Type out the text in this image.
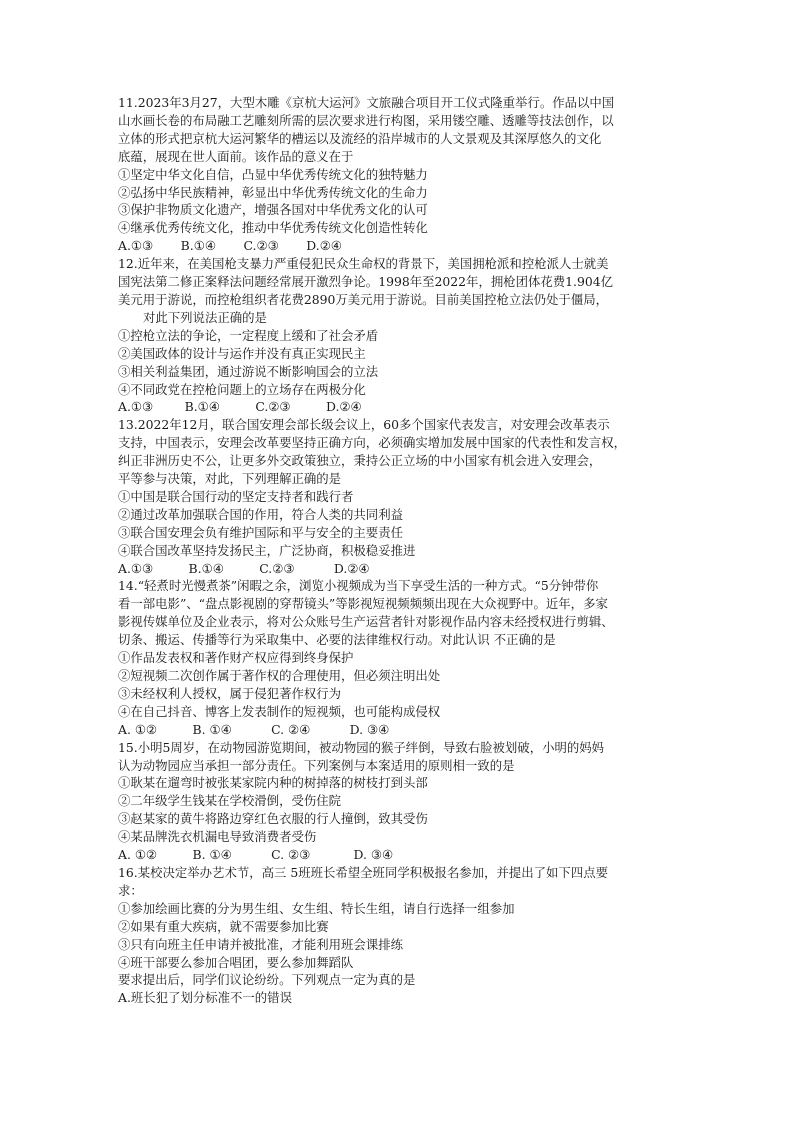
11.2023年3月27，大型木雕《京杭大运河》文旅融合项目开工仪式隆重举行。作品以中国
山水画长卷的布局融工艺雕刻所需的层次要求进行构图，采用镂空雕、透雕等技法创作，以
立体的形式把京杭大运河繁华的槽运以及流经的沿岸城市的人文景观及其深厚悠久的文化
底蕴，展现在世人面前。该作品的意义在于
①坚定中华文化自信，凸显中华优秀传统文化的独特魅力
②弘扬中华民族精神，彰显出中华优秀传统文化的生命力
③保护非物质文化遗产，增强各国对中华优秀文化的认可
④继承优秀传统文化，推动中华优秀传统文化创造性转化
A.①③       B.①④       C.②③       D.②④
12.近年来，在美国枪支暴力严重侵犯民众生命权的背景下，美国拥枪派和控枪派人士就美
国宪法第二修正案释法问题经常展开激烈争论。1998年至2022年，拥枪团体花费1.904亿
美元用于游说，而控枪组织者花费2890万美元用于游说。目前美国控枪立法仍处于僵局，
对此下列说法正确的是
①控枪立法的争论，一定程度上缓和了社会矛盾
②美国政体的设计与运作并没有真正实现民主
③相关利益集团，通过游说不断影响国会的立法
④不同政党在控枪问题上的立场存在两极分化
A.①③        B.①④         C.②③         D.②④
13.2022年12月，联合国安理会部长级会议上，60多个国家代表发言，对安理会改革表示
支持，中国表示，安理会改革要坚持正确方向，必须确实增加发展中国家的代表性和发言权，
纠正非洲历史不公，让更多外交政策独立，秉持公正立场的中小国家有机会进入安理会，
平等参与决策，对此，下列理解正确的是
①中国是联合国行动的坚定支持者和践行者
②通过改革加强联合国的作用，符合人类的共同利益
③联合国安理会负有维护国际和平与安全的主要责任
④联合国改革坚持发扬民主，广泛协商，积极稳妥推进
A.①③         B.①④         C.②③          D.②④
14.“轻煮时光慢煮茶”闲暇之余，浏览小视频成为当下享受生活的一种方式。“5分钟带你
看一部电影”、“盘点影视剧的穿帮镜头”等影视短视频频频出现在大众视野中。近年，多家
影视传媒单位及企业表示，将对公众账号生产运营者针对影视作品内容未经授权进行剪辑、
切条、搬运、传播等行为采取集中、必要的法律维权行动。对此认识 不正确的是
①作品发表权和著作财产权应得到终身保护
②短视频二次创作属于著作权的合理使用，但必须注明出处
③未经权利人授权，属于侵犯著作权行为
④在自己抖音、博客上发表制作的短视频，也可能构成侵权
A. ①②         B. ①④          C. ②④          D. ③④
15.小明5周岁，在动物园游览期间，被动物园的猴子绊倒，导致右脸被划破，小明的妈妈
认为动物园应当承担一部分责任。下列案例与本案适用的原则相一致的是
①耿某在遛弯时被张某家院内种的树掉落的树枝打到头部
②二年级学生钱某在学校滑倒，受伤住院
③赵某家的黄牛将路边穿红色衣服的行人撞倒，致其受伤
④某品牌洗衣机漏电导致消费者受伤
A. ①②         B. ①④          C. ②③           D. ③④
16.某校决定举办艺术节，高三 5班班长希望全班同学积极报名参加，并提出了如下四点要
求：
①参加绘画比赛的分为男生组、女生组、特长生组，请自行选择一组参加
②如果有重大疾病，就不需要参加比赛
③只有向班主任申请并被批准，才能利用班会课排练
④班干部要么参加合唱团，要么参加舞蹈队
要求提出后，同学们议论纷纷。下列观点一定为真的是
A.班长犯了划分标准不一的错误
